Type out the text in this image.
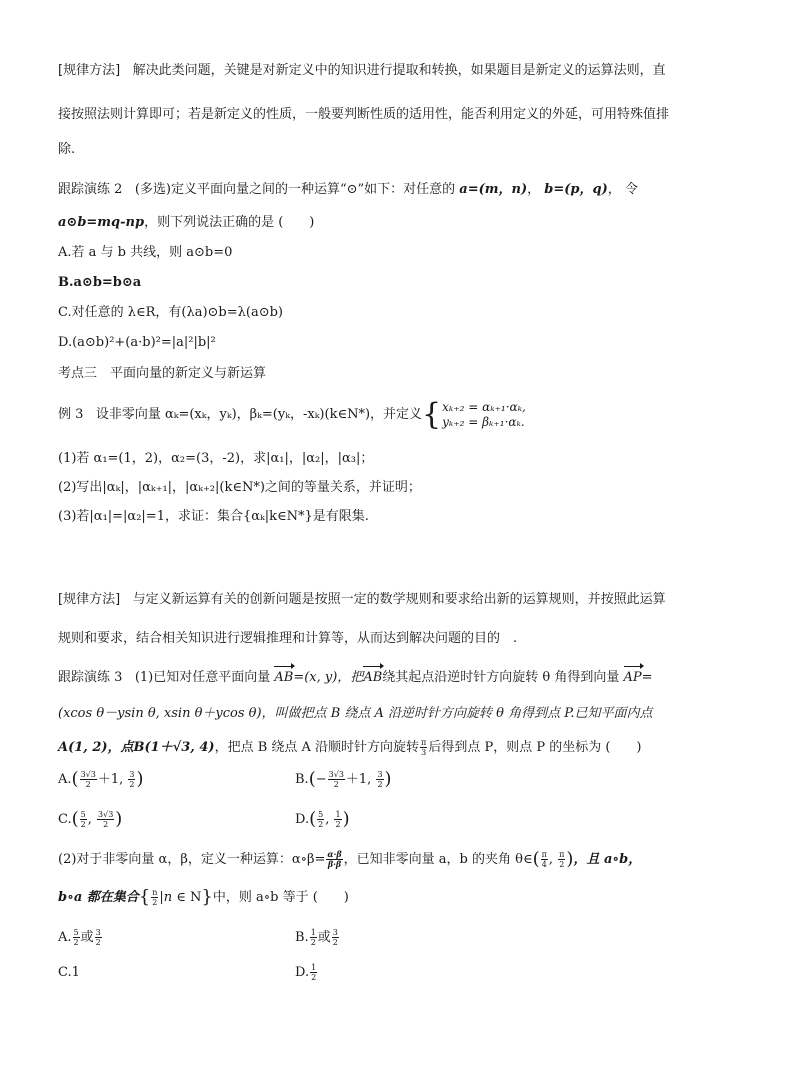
[规律方法] 解决此类问题，关键是对新定义中的知识进行提取和转换，如果题目是新定义的运算法则，直
接按照法则计算即可；若是新定义的性质，一般要判断性质的适用性，能否利用定义的外延，可用特殊值排
除.
跟踪演练 2 (多选)定义平面向量之间的一种运算“⊙”如下：对任意的 a=(m，n)， b=(p，q)， 令
a⊙b=mq-np，则下列说法正确的是 (　　)
A.若 a 与 b 共线，则 a⊙b=0
B.a⊙b=b⊙a
C.对任意的 λ∈R，有(λa)⊙b=λ(a⊙b)
D.(a⊙b)²+(a·b)²=|a|²|b|²
考点三　平面向量的新定义与新运算
例 3 设非零向量 αₖ=(xₖ，yₖ)，βₖ=(yₖ，-xₖ)(k∈N*)，并定义{ xₖ₊₂ = αₖ₊₁·αₖ,
yₖ₊₂ = βₖ₊₁·αₖ.
(1)若 α₁=(1，2)，α₂=(3，-2)，求|α₁|，|α₂|，|α₃|；
(2)写出|αₖ|，|αₖ₊₁|，|αₖ₊₂|(k∈N*)之间的等量关系，并证明；
(3)若|α₁|=|α₂|=1，求证：集合{αₖ|k∈N*}是有限集.
[规律方法] 与定义新运算有关的创新问题是按照一定的数学规则和要求给出新的运算规则，并按照此运算
规则和要求，结合相关知识进行逻辑推理和计算等，从而达到解决问题的目的　.
跟踪演练 3 (1)已知对任意平面向量 AB=(x, y)，把AB绕其起点沿逆时针方向旋转 θ 角得到向量 AP=
(xcos θ－ysin θ, xsin θ＋ycos θ)，叫做把点 B 绕点 A 沿逆时针方向旋转 θ 角得到点 P.已知平面内点
A(1, 2)，点B(1＋√3, 4)，把点 B 绕点 A 沿顺时针方向旋转 $\frac{\pi}{3}$ 后得到点 P，则点 P 的坐标为 (　　)
$A.( \frac{3√3}{2} +1$, $\frac{3}{2}$ )	$B.(- \frac{3√3}{2} +1$, $\frac{3}{2}$ )
$C.( \frac{5}{2}$ , $\frac{3√3}{2}$ )	$D.( \frac{5}{2}$ , $\frac{1}{2}$ )
(2)对于非零向量 α，β，定义一种运算：α∘β= $\frac{\alpha\cdot\beta}{\beta\cdot\beta}$ ，已知非零向量 a，b 的夹角 θ∈( $\frac{\pi}{4}$ , $\frac{\pi}{2}$ )，且 a∘b，
b∘a 都在集合{ $\frac{n}{2} |n$ ∈ N}中，则 a∘b 等于 (　　)
A. $\frac{5}{2}$ 或 $\frac{3}{2}$	B. $\frac{1}{2}$ 或 $\frac{3}{2}$
C.1	D. $\frac{1}{2}$
